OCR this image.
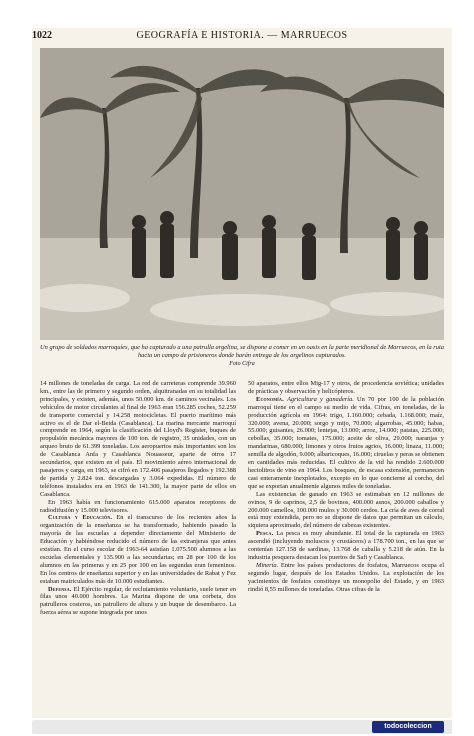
1022	GEOGRAFÍA E HISTORIA. — MARRUECOS
Un grupo de soldados marroquíes, que ha capturado a una patrulla argelina, se dispone a comer en un oasis en la parte meridional de Marruecos, en la ruta hacia un campo de prisioneros donde harán entrega de los argelinos capturados.
Foto Cifra

14 millones de toneladas de carga. La red de carreteras comprende 39.960 km., entre las de primero y segundo orden, alquitranadas en su totalidad las principales, y existen, además, unos 50.000 km. de caminos vecinales. Los vehículos de motor circulantes al final de 1963 eran 156.285 coches, 52.259 de transporte comercial y 14.258 motocicletas. El puerto marítimo más activo es el de Dar el-Beida (Casablanca). La marina mercante marroquí comprende en 1964, según la clasificación del Lloyd's Register, buques de propulsión mecánica mayores de 100 ton. de registro, 35 unidades, con un arqueo bruto de 61.399 toneladas. Los aeropuertos más importantes son los de Casablanca Anfa y Casablanca Nouasseur, aparte de otros 17 secundarios, que existen en el país. El movimiento aéreo internacional de pasajeros y carga, en 1963, se cifró en 172.406 pasajeros llegados y 192.388 de partida y 2.824 ton. descargadas y 3.064 expedidas. El número de teléfonos instalados era en 1963 de 141.300, la mayor parte de ellos en Casablanca.

En 1963 había en funcionamiento 615.000 aparatos receptores de radiodifusión y 15.000 televisores.

Cultura y Educación. En el transcurso de los recientes años la organización de la enseñanza se ha transformado, habiendo pasado la mayoría de las escuelas a depender directamente del Ministerio de Educación y habiéndose reducido el número de las extranjeras que antes existían. En el curso escolar de 1963-64 asistían 1.075.500 alumnos a las escuelas elementales y 135.900 a las secundarias; en 28 por 100 de los alumnos en las primeras y en 25 por 100 en las segundas eran femeninos. En los centros de enseñanza superior y en las universidades de Rabat y Fez estaban matriculados más de 10.000 estudiantes.

Defensa. El Ejército regular, de reclutamiento voluntario, suele tener en filas unos 40.000 hombres. La Marina dispone de una corbeta, dos patrulleros costeros, un patrullero de altura y un buque de desembarco. La fuerza aérea se supone integrada por unos

50 aparatos, entre ellos Mig-17 y otros, de procedencia soviética; unidades de prácticas y observación y helicópteros.

Economía. Agricultura y ganadería. Un 70 por 100 de la población marroquí tiene en el campo su medio de vida. Cifras, en toneladas, de la producción agrícola en 1964: trigo, 1.160.000; cebada, 1.168.000; maíz, 320.000; avena, 20.000; sorgo y mijo, 70.000; algarrobas, 45.000; habas, 55.000; guisantes, 26.000; lentejas, 13.000; arroz, 14.000; patatas, 225.000; cebollas, 35.000; tomates, 175.000; aceite de oliva, 29.000; naranjas y mandarinas, 680.000; limones y otros frutos agrios, 16.000; linaza, 11.000; semilla de algodón, 9.000; albaricoques, 16.000; ciruelas y peras se obtienen en cantidades más reducidas. El cultivo de la vid ha rendido 2.600.000 hectolitros de vino en 1964. Los bosques, de escasa extensión, permanecen casi enteramente inexplotados, excepto en lo que concierne al corcho, del que se exportan anualmente algunos miles de toneladas.

Las existencias de ganado en 1963 se estimaban en 12 millones de ovinos, 9 de caprinos, 2,5 de bovinos, 400.000 asnos, 200.000 caballos y 200.000 camellos, 100.000 mulos y 30.000 cerdos. La cría de aves de corral está muy extendida, pero no se dispone de datos que permitan un cálculo, siquiera aproximado, del número de cabezas existentes.

Pesca. La pesca es muy abundante. El total de la capturada en 1963 ascendió (incluyendo moluscos y crustáceos) a 178.700 ton., en las que se contenían 127.158 de sardinas, 13.768 de caballa y 5.218 de atún. En la industria pesquera destacan los puertos de Safi y Casablanca.

Minería. Entre los países productores de fosfatos, Marruecos ocupa el segundo lugar, después de los Estados Unidos. La explotación de los yacimientos de fosfatos constituye un monopolio del Estado, y en 1963 rindió 8,55 millones de toneladas. Otras cifras de la

todocoleccion
